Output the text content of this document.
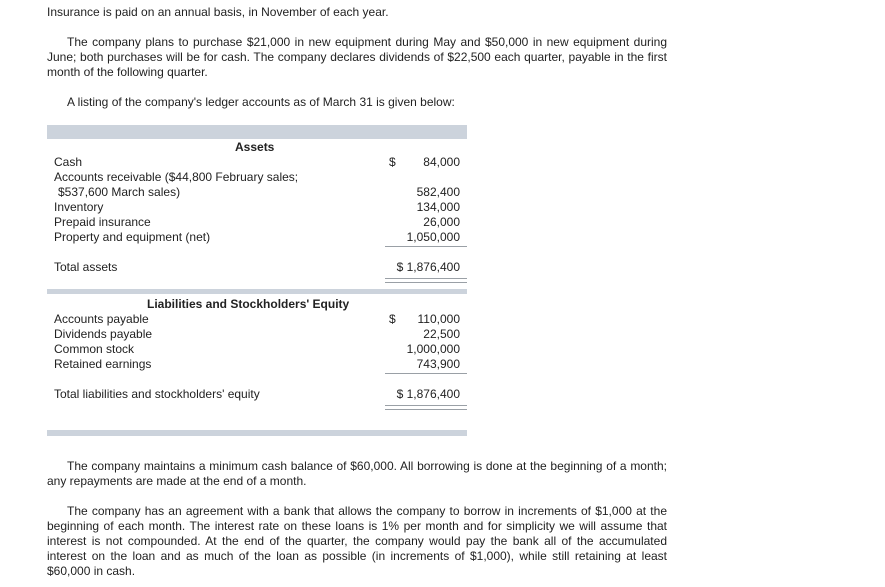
Insurance is paid on an annual basis, in November of each year.

The company plans to purchase $21,000 in new equipment during May and $50,000 in new equipment during June; both purchases will be for cash. The company declares dividends of $22,500 each quarter, payable in the first month of the following quarter.

A listing of the company's ledger accounts as of March 31 is given below:

Assets
Cash	$	84,000
Accounts receivable ($44,800 February sales;
$537,600 March sales)	582,400
Inventory	134,000
Prepaid insurance	26,000
Property and equipment (net)	1,050,000
Total assets	$ 1,876,400
Liabilities and Stockholders' Equity
Accounts payable	$	110,000
Dividends payable	22,500
Common stock	1,000,000
Retained earnings	743,900
Total liabilities and stockholders' equity	$ 1,876,400

The company maintains a minimum cash balance of $60,000. All borrowing is done at the beginning of a month; any repayments are made at the end of a month.

The company has an agreement with a bank that allows the company to borrow in increments of $1,000 at the beginning of each month. The interest rate on these loans is 1% per month and for simplicity we will assume that interest is not compounded. At the end of the quarter, the company would pay the bank all of the accumulated interest on the loan and as much of the loan as possible (in increments of $1,000), while still retaining at least $60,000 in cash.
